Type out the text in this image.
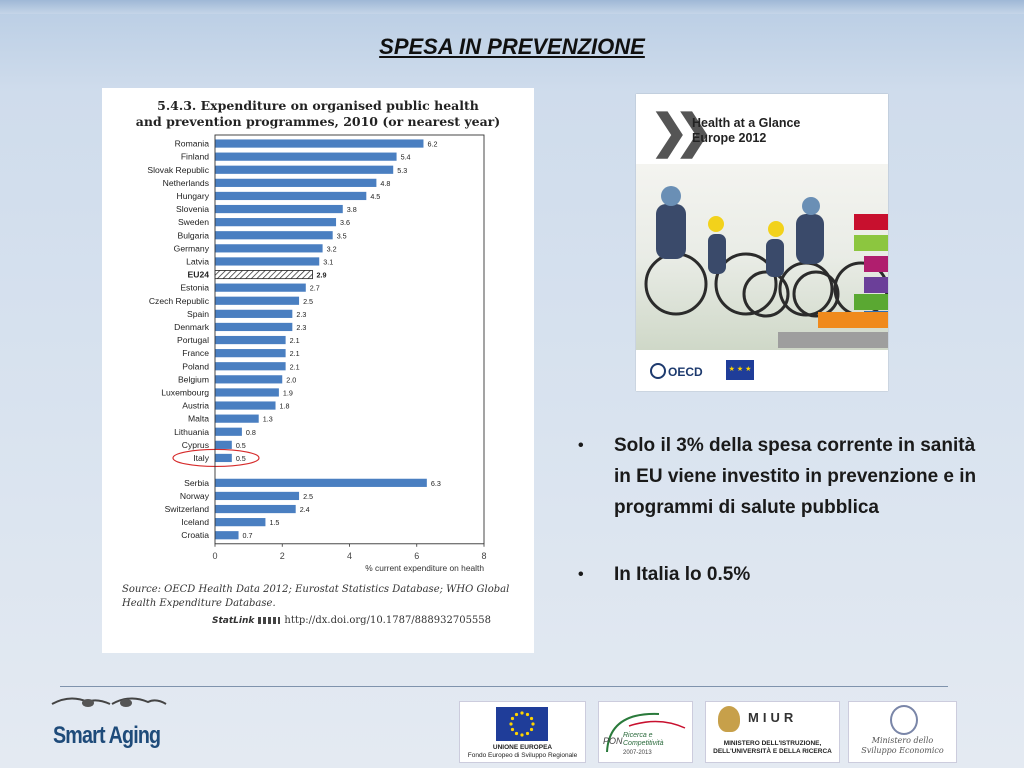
SPESA IN PREVENZIONE
5.4.3. Expenditure on organised public health
and prevention programmes, 2010 (or nearest year)
Romania	6.2
Finland	5.4
Slovak Republic	5.3
Netherlands	4.8
Hungary	4.5
Slovenia	3.8
Sweden	3.6
Bulgaria	3.5
Germany	3.2
Latvia	3.1
EU24	2.9
Estonia	2.7
Czech Republic	2.5
Spain	2.3
Denmark	2.3
Portugal	2.1
France	2.1
Poland	2.1
Belgium	2.0
Luxembourg	1.9
Austria	1.8
Malta	1.3
Lithuania	0.8
Cyprus	0.5
Italy	0.5
Serbia	6.3
Norway	2.5
Switzerland	2.4
Iceland	1.5
Croatia	0.7
0	2	4	6	8
% current expenditure on health
Source: OECD Health Data 2012; Eurostat Statistics Database; WHO Global Health Expenditure Database.
StatLink	http://dx.doi.org/10.1787/888932705558
❯❯
Health at a Glance
Europe 2012
OECD	★ ★ ★
• Solo il 3% della spesa corrente in sanità in EU viene investito in prevenzione e in programmi di salute pubblica
• In Italia lo 0.5%
Smart Aging	UNIONE EUROPEA
Fondo Europeo di Sviluppo Regionale
PON
Ricerca e Competitività
2007-2013
MIUR
MINISTERO DELL'ISTRUZIONE,
DELL'UNIVERSITÀ E DELLA RICERCA
Ministero dello
Sviluppo Economico
